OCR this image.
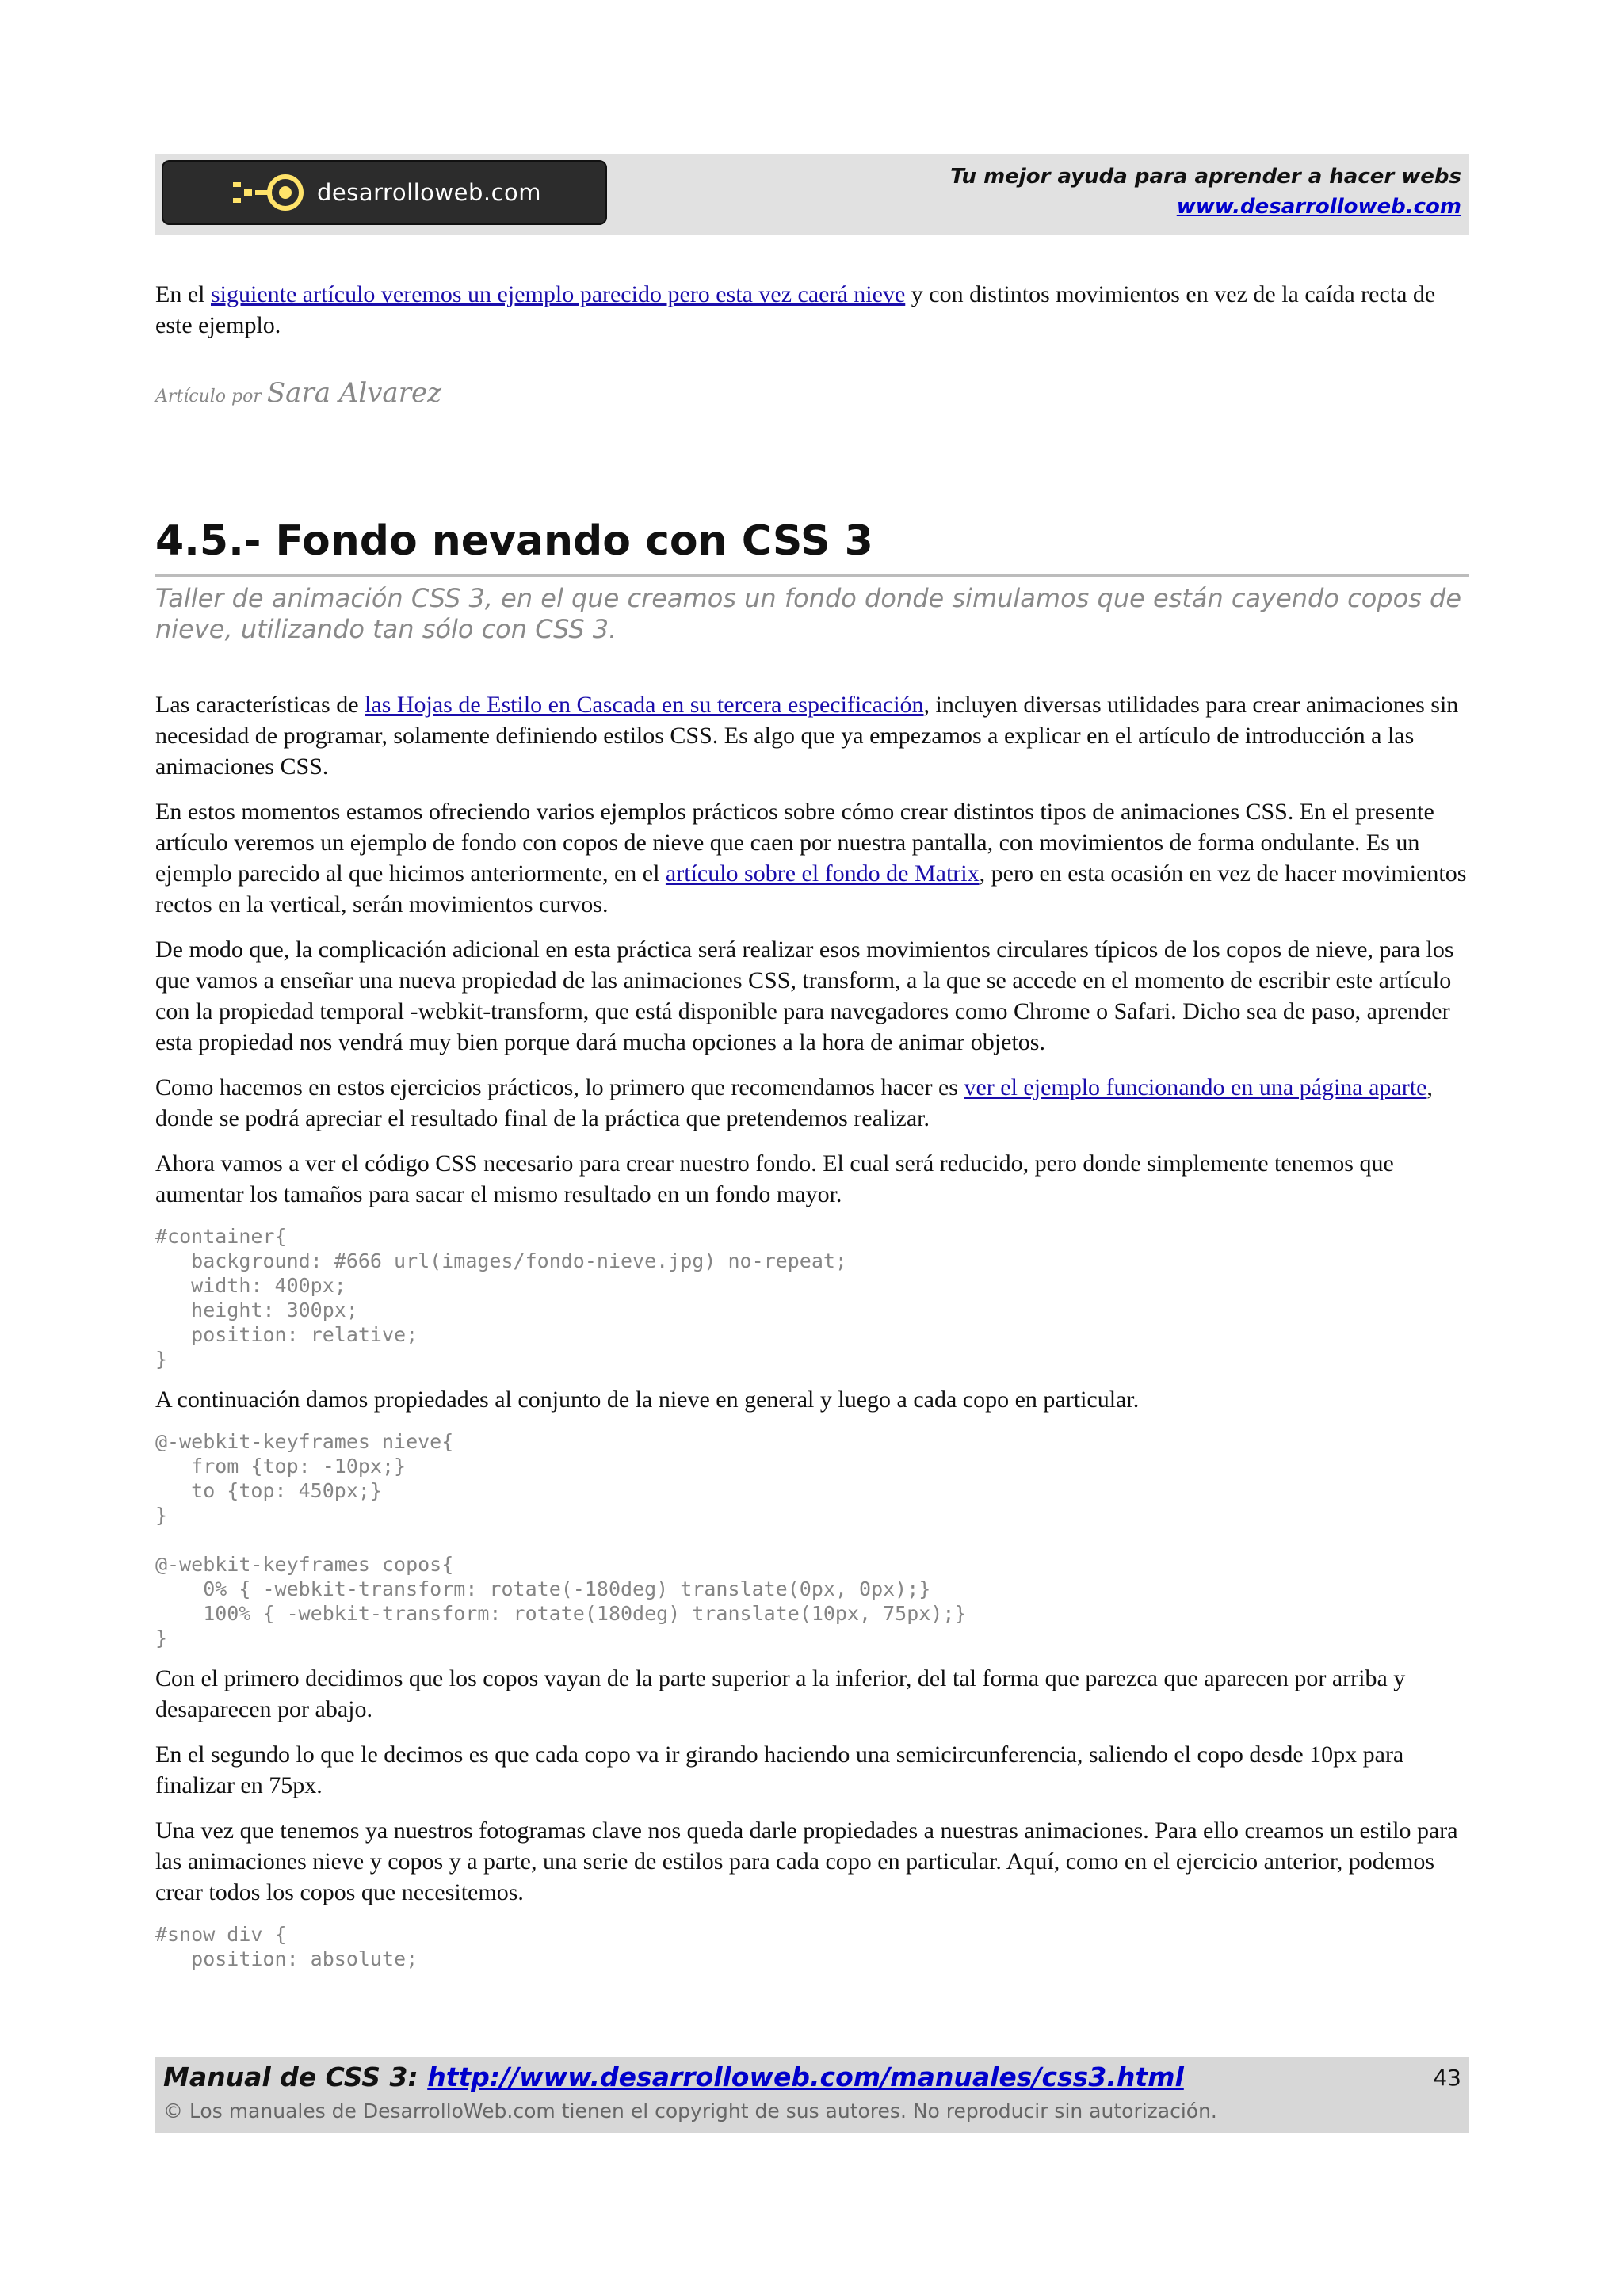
desarrolloweb.com
Tu mejor ayuda para aprender a hacer webs
www.desarrolloweb.com

En el siguiente artículo veremos un ejemplo parecido pero esta vez caerá nieve y con distintos movimientos en vez de la caída recta de este ejemplo.

Artículo por Sara Alvarez
4.5.- Fondo nevando con CSS 3
Taller de animación CSS 3, en el que creamos un fondo donde simulamos que están cayendo copos de nieve, utilizando tan sólo con CSS 3.

Las características de las Hojas de Estilo en Cascada en su tercera especificación, incluyen diversas utilidades para crear animaciones sin necesidad de programar, solamente definiendo estilos CSS. Es algo que ya empezamos a explicar en el artículo de introducción a las animaciones CSS.

En estos momentos estamos ofreciendo varios ejemplos prácticos sobre cómo crear distintos tipos de animaciones CSS. En el presente artículo veremos un ejemplo de fondo con copos de nieve que caen por nuestra pantalla, con movimientos de forma ondulante. Es un ejemplo parecido al que hicimos anteriormente, en el artículo sobre el fondo de Matrix, pero en esta ocasión en vez de hacer movimientos rectos en la vertical, serán movimientos curvos.

De modo que, la complicación adicional en esta práctica será realizar esos movimientos circulares típicos de los copos de nieve, para los que vamos a enseñar una nueva propiedad de las animaciones CSS, transform, a la que se accede en el momento de escribir este artículo con la propiedad temporal -webkit-transform, que está disponible para navegadores como Chrome o Safari. Dicho sea de paso, aprender esta propiedad nos vendrá muy bien porque dará mucha opciones a la hora de animar objetos.

Como hacemos en estos ejercicios prácticos, lo primero que recomendamos hacer es ver el ejemplo funcionando en una página aparte, donde se podrá apreciar el resultado final de la práctica que pretendemos realizar.

Ahora vamos a ver el código CSS necesario para crear nuestro fondo. El cual será reducido, pero donde simplemente tenemos que aumentar los tamaños para sacar el mismo resultado en un fondo mayor.

#container{
background: #666 url(images/fondo-nieve.jpg) no-repeat;
width: 400px;
height: 300px;
position: relative;
}

A continuación damos propiedades al conjunto de la nieve en general y luego a cada copo en particular.

@-webkit-keyframes nieve{
from {top: -10px;}
to {top: 450px;}
}

@-webkit-keyframes copos{
0% { -webkit-transform: rotate(-180deg) translate(0px, 0px);}
100% { -webkit-transform: rotate(180deg) translate(10px, 75px);}
}

Con el primero decidimos que los copos vayan de la parte superior a la inferior, del tal forma que parezca que aparecen por arriba y desaparecen por abajo.

En el segundo lo que le decimos es que cada copo va ir girando haciendo una semicircunferencia, saliendo el copo desde 10px para finalizar en 75px.

Una vez que tenemos ya nuestros fotogramas clave nos queda darle propiedades a nuestras animaciones. Para ello creamos un estilo para las animaciones nieve y copos y a parte, una serie de estilos para cada copo en particular. Aquí, como en el ejercicio anterior, podemos crear todos los copos que necesitemos.

#snow div {
position: absolute;
Manual de CSS 3: http://www.desarrolloweb.com/manuales/css3.html
© Los manuales de DesarrolloWeb.com tienen el copyright de sus autores. No reproducir sin autorización.
43
